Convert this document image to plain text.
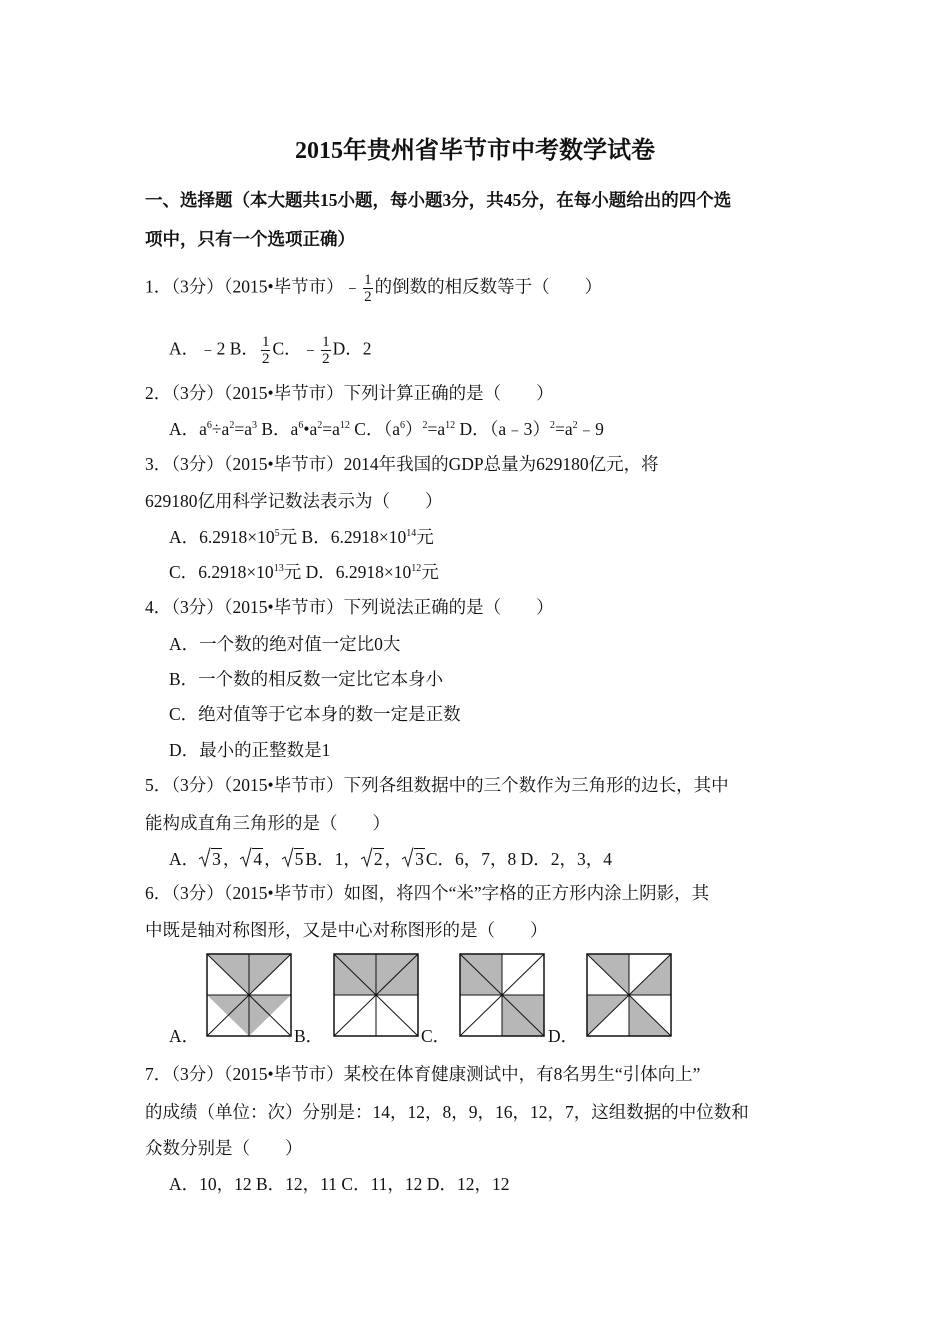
2015年贵州省毕节市中考数学试卷
一、选择题（本大题共15小题，每小题3分，共45分，在每小题给出的四个选
项中，只有一个选项正确）
1．（3分）（2015•毕节市）﹣ $\frac{1}{2}$ 的倒数的相反数等于（　　）
A．﹣2 B． $\frac{1}{2}$ C．﹣ $\frac{1}{2}$ D．2
2．（3分）（2015•毕节市）下列计算正确的是（　　）
A．$a^6\div a^2=a^3$ B．$a^6•a^2=a^{12}$ C．$(a^6)^2=a^{12}$ D．$(a﹣3)^2=a^2﹣9$
3．（3分）（2015•毕节市）2014年我国的GDP总量为629180亿元，将
629180亿用科学记数法表示为（　　）
A．$6.2918\times 10^5$元 B．$6.2918\times 10^{14}$元
C．$6.2918\times 10^{13}$元 D．$6.2918\times 10^{12}$元
4．（3分）（2015•毕节市）下列说法正确的是（　　）
A．一个数的绝对值一定比0大
B．一个数的相反数一定比它本身小
C．绝对值等于它本身的数一定是正数
D．最小的正整数是1
5．（3分）（2015•毕节市）下列各组数据中的三个数作为三角形的边长，其中
能构成直角三角形的是（　　）
A． 3 ， 4 ， 5 B．1， 2 ， 3 C．6，7，8 D．2，3，4
6．（3分）（2015•毕节市）如图，将四个“米”字格的正方形内涂上阴影，其
中既是轴对称图形，又是中心对称图形的是（　　）
B．
A．	C．	D．
7．（3分）（2015•毕节市）某校在体育健康测试中，有8名男生“引体向上”
的成绩（单位：次）分别是：14，12，8，9，16，12，7，这组数据的中位数和
众数分别是（　　）
A．10，12 B．12，11 C．11，12 D．12，12
